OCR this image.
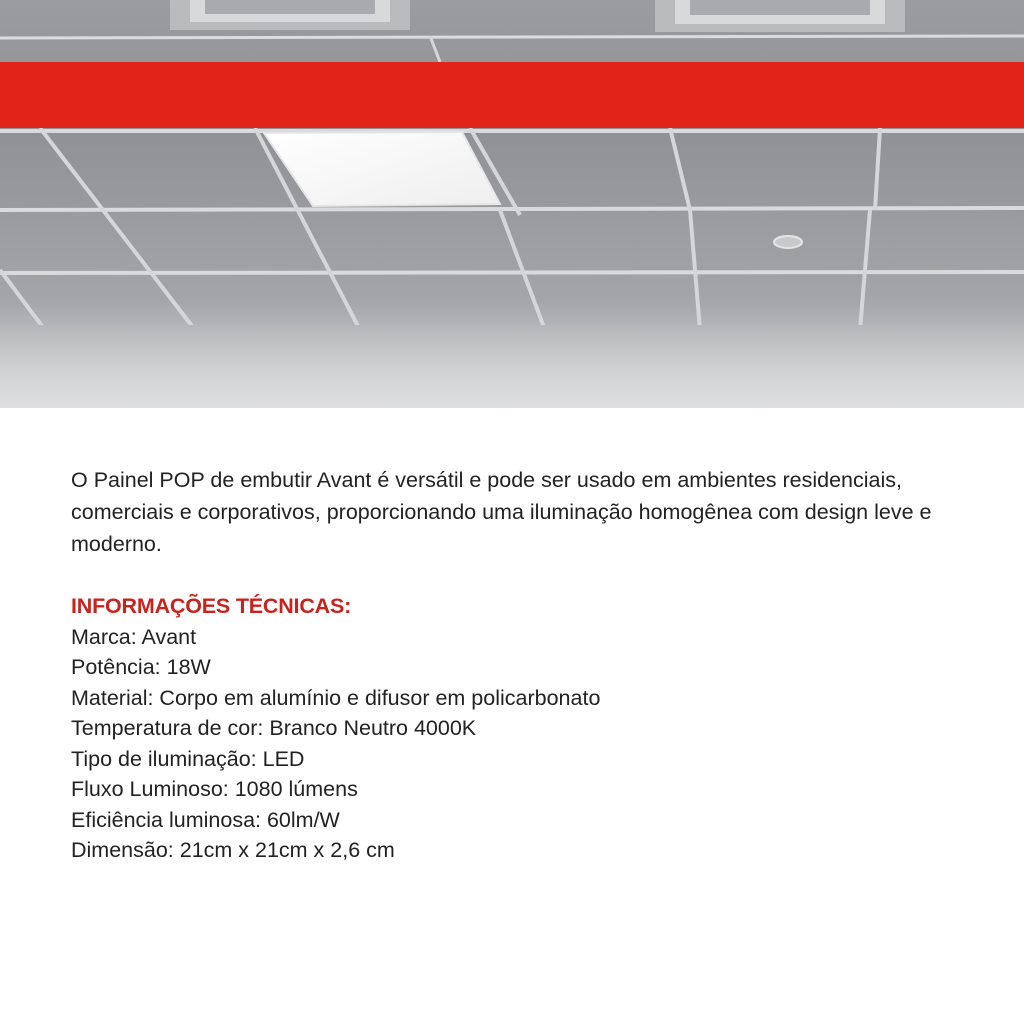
O Painel POP de embutir Avant é versátil e pode ser usado em ambientes residenciais, comerciais e corporativos, proporcionando uma iluminação homogênea com design leve e moderno.

INFORMAÇÕES TÉCNICAS:
Marca: Avant
Potência: 18W
Material: Corpo em alumínio e difusor em policarbonato
Temperatura de cor: Branco Neutro 4000K
Tipo de iluminação: LED
Fluxo Luminoso: 1080 lúmens
Eficiência luminosa: 60lm/W
Dimensão: 21cm x 21cm x 2,6 cm
